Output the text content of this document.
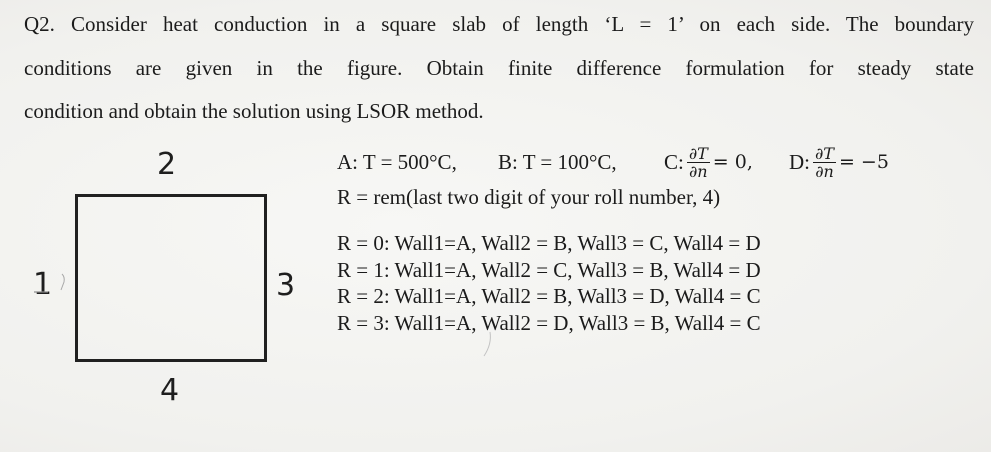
Q2. Consider heat conduction in a square slab of length ‘L = 1’ on each side. The boundary
conditions are given in the figure. Obtain finite difference formulation for steady state
condition and obtain the solution using LSOR method.
2
3
4
1
A: T = 500°C, B: T = 100°C, C: $\frac{\partial T}{\partial n} = 0$, D: $\frac{\partial T}{\partial n} = -5$
R = rem(last two digit of your roll number, 4)
R = 0: Wall1=A, Wall2 = B, Wall3 = C, Wall4 = D
R = 1: Wall1=A, Wall2 = C, Wall3 = B, Wall4 = D
R = 2: Wall1=A, Wall2 = B, Wall3 = D, Wall4 = C
R = 3: Wall1=A, Wall2 = D, Wall3 = B, Wall4 = C
